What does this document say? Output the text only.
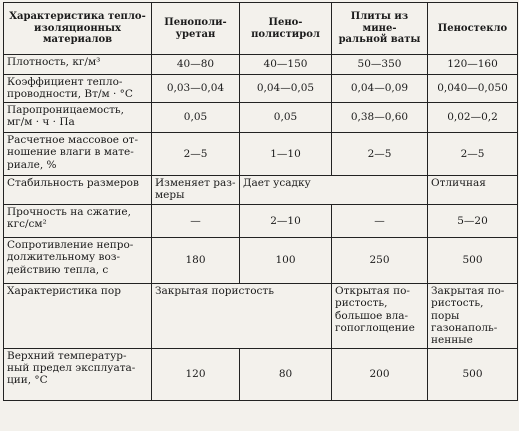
Характеристика тепло-
изоляционных
материалов	Пенополи-
уретан	Пено-
полистирол	Плиты из мине-
ральной ваты	Пеностекло
Плотность, кг/м³	40—80	40—150	50—350	120—160
Коэффициент тепло-
проводности, Вт/м · °С	0,03—0,04	0,04—0,05	0,04—0,09	0,040—0,050
Паропроницаемость,
мг/м · ч · Па	0,05	0,05	0,38—0,60	0,02—0,2
Расчетное массовое от-
ношение влаги в мате-
риале, %	2—5	1—10	2—5	2—5
Стабильность размеров	Изменяет раз-
меры	Дает усадку		Отличная
Прочность на сжатие,
кгс/см²	—	2—10	—	5—20
Сопротивление непро-
должительному воз-
действию тепла, с	180	100	250	500
Характеристика пор	Закрытая пористость		Открытая по-
ристость,
большое вла-
гопоглощение	Закрытая по-
ристость, поры
газонаполь-
ненные
Верхний температур-
ный предел эксплуата-
ции, °С	120	80	200	500
